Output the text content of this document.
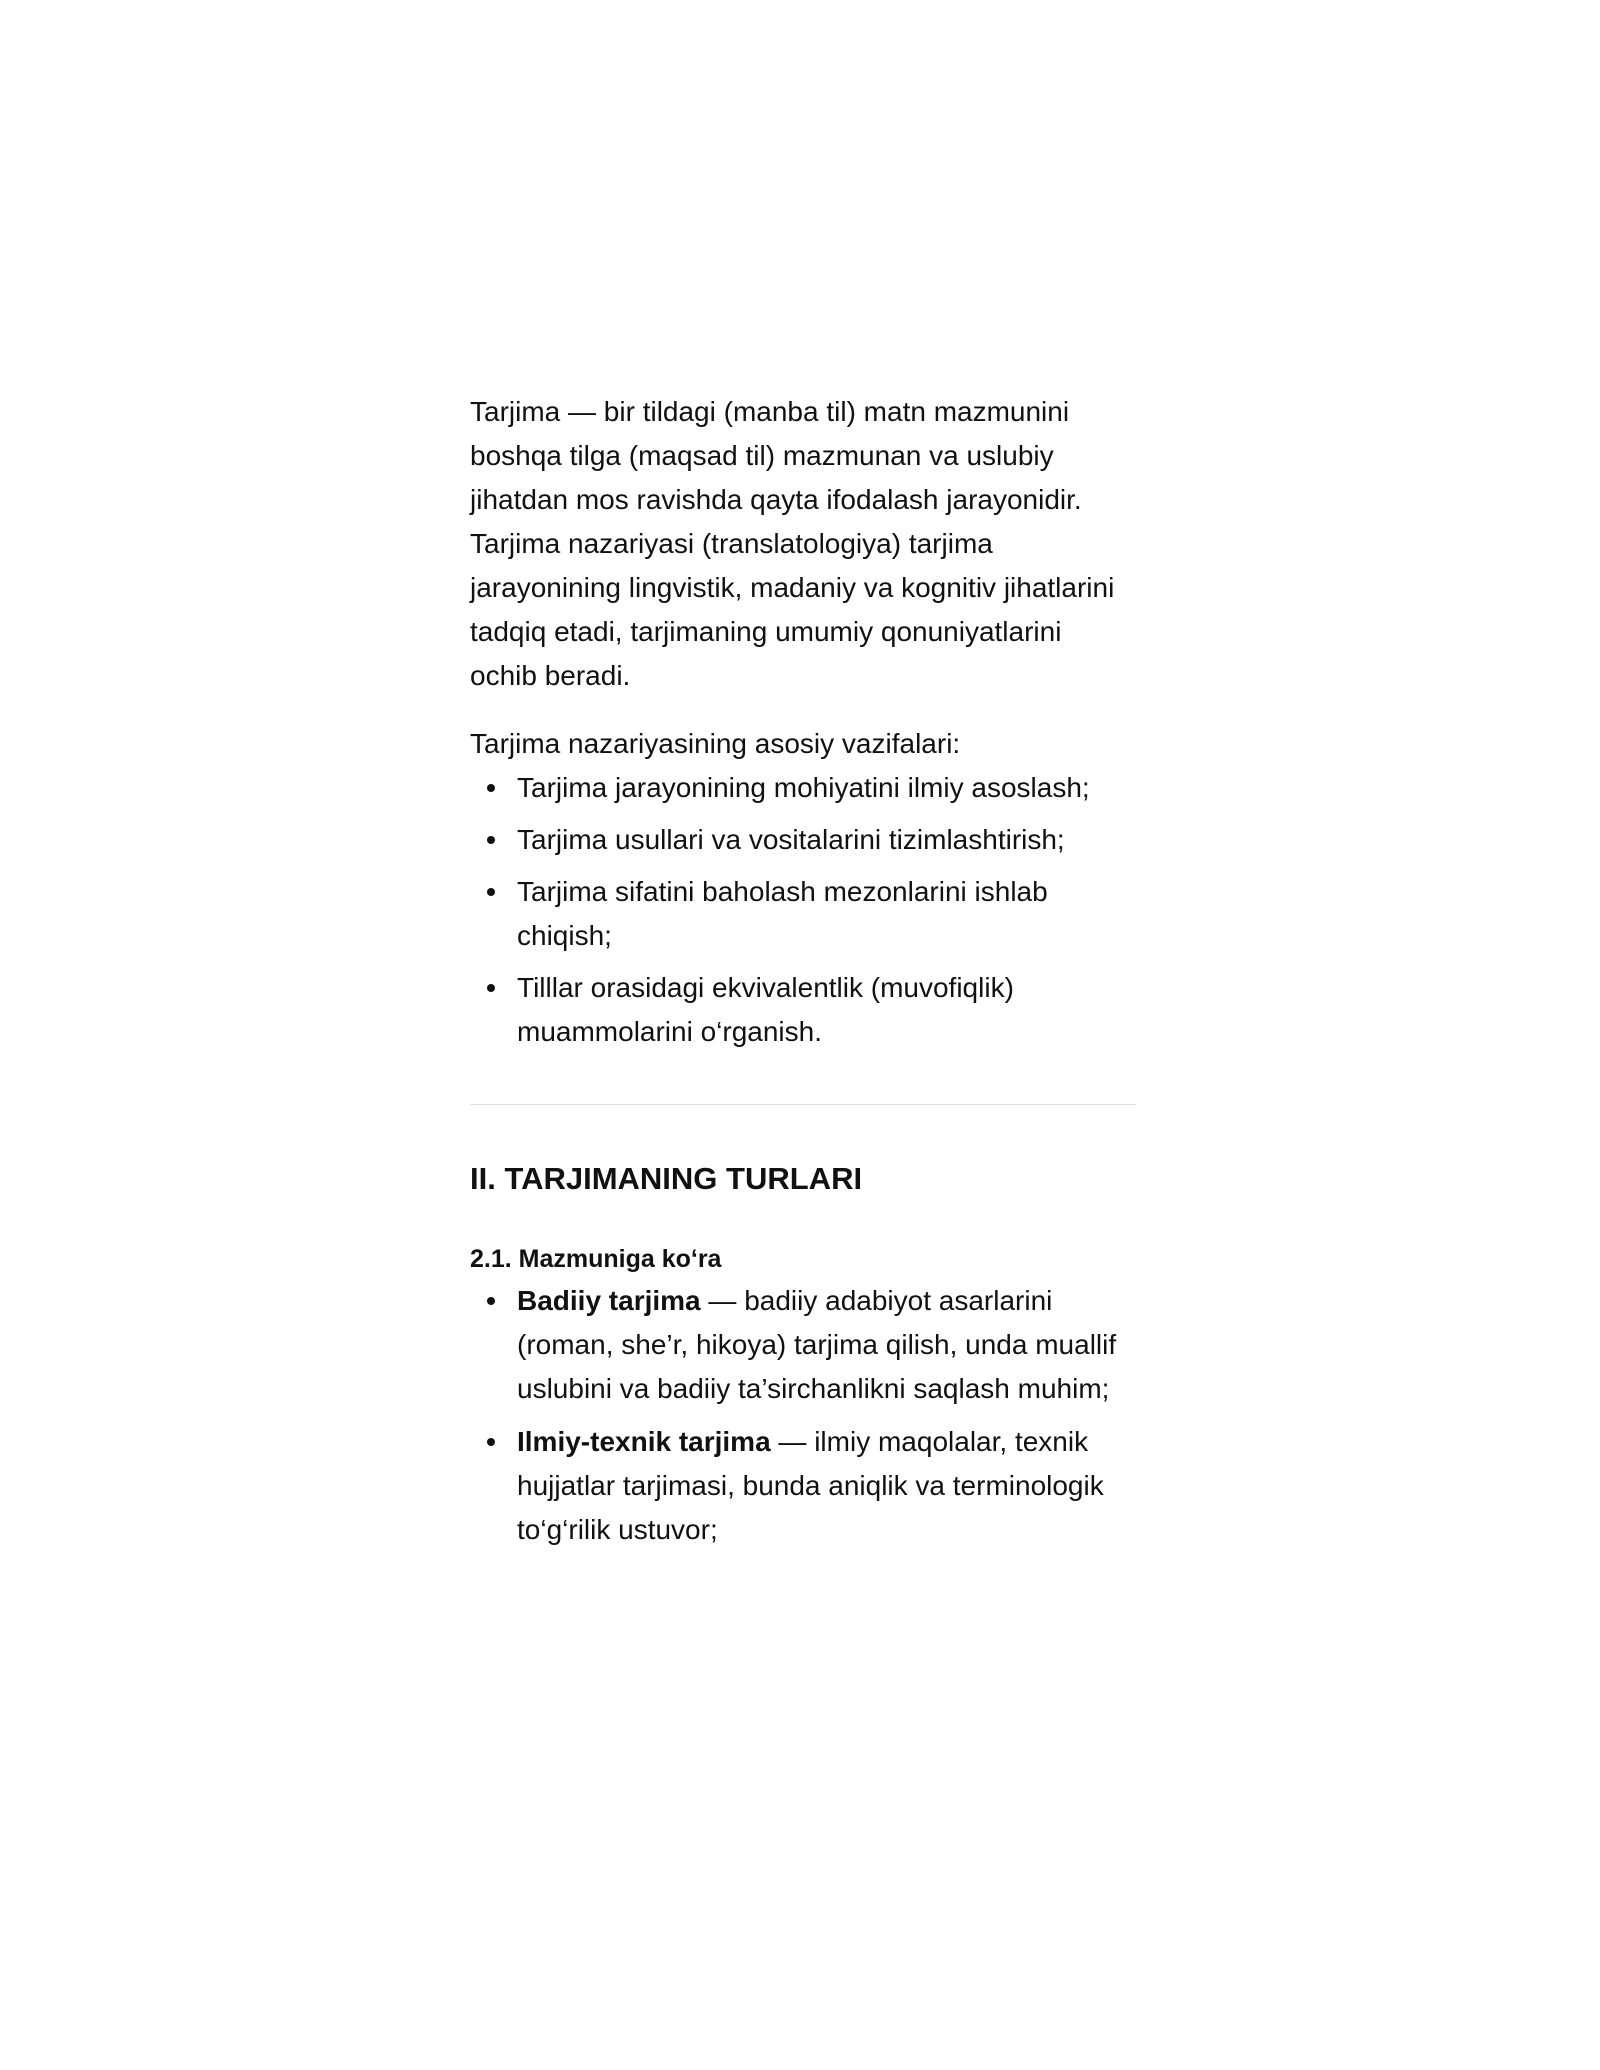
Tarjima — bir tildagi (manba til) matn mazmunini boshqa tilga (maqsad til) mazmunan va uslubiy jihatdan mos ravishda qayta ifodalash jarayonidir. Tarjima nazariyasi (translatologiya) tarjima jarayonining lingvistik, madaniy va kognitiv jihatlarini tadqiq etadi, tarjimaning umumiy qonuniyatlarini ochib beradi.

Tarjima nazariyasining asosiy vazifalari:

Tarjima jarayonining mohiyatini ilmiy asoslash;
Tarjima usullari va vositalarini tizimlashtirish;
Tarjima sifatini baholash mezonlarini ishlab chiqish;
Tilllar orasidagi ekvivalentlik (muvofiqlik) muammolarini o‘rganish.
II. TARJIMANING TURLARI
2.1. Mazmuniga ko‘ra
Badiiy tarjima — badiiy adabiyot asarlarini (roman, she’r, hikoya) tarjima qilish, unda muallif uslubini va badiiy ta’sirchanlikni saqlash muhim;
Ilmiy-texnik tarjima — ilmiy maqolalar, texnik hujjatlar tarjimasi, bunda aniqlik va terminologik to‘g‘rilik ustuvor;
